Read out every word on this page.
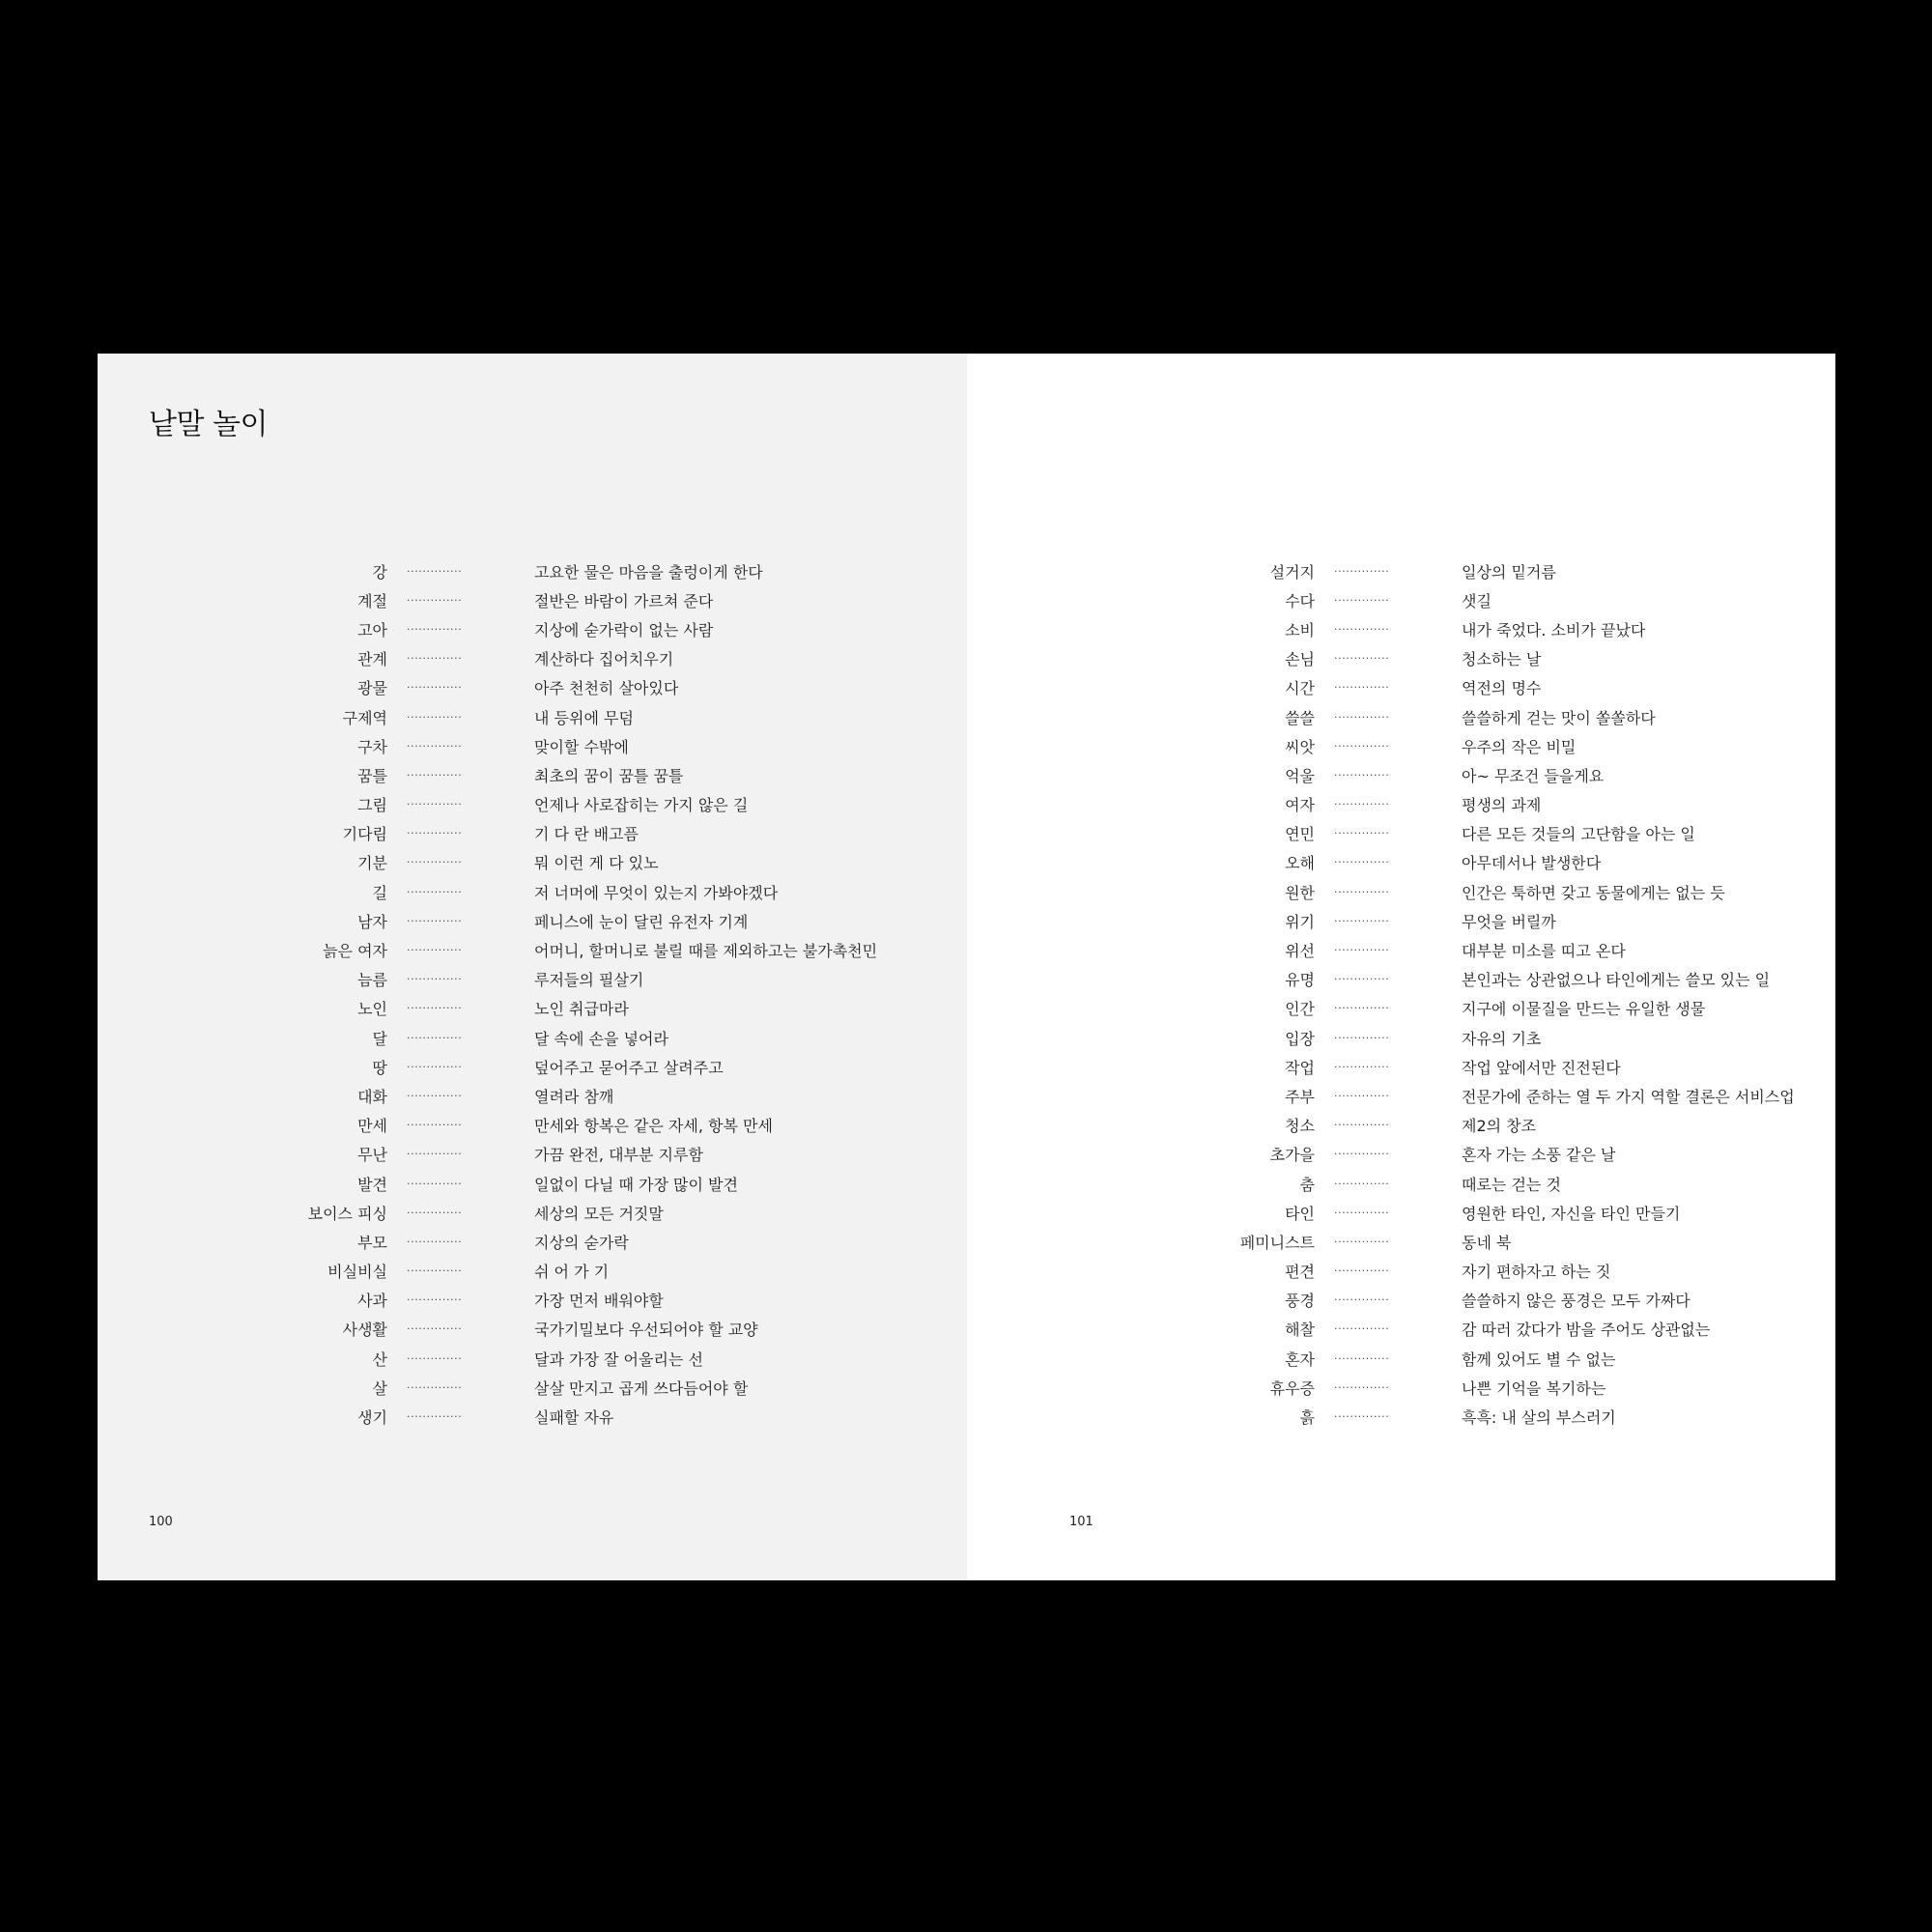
낱말 놀이
강 ··············	고요한 물은 마음을 출렁이게 한다
계절 ··············	절반은 바람이 가르쳐 준다
고아 ··············	지상에 숟가락이 없는 사람
관계 ··············	계산하다 집어치우기
광물 ··············	아주 천천히 살아있다
구제역 ··············	내 등위에 무덤
구차 ··············	맞이할 수밖에
꿈틀 ··············	최초의 꿈이 꿈틀 꿈틀
그림 ··············	언제나 사로잡히는 가지 않은 길
기다림 ··············	기 다 란 배고픔
기분 ··············	뭐 이런 게 다 있노
길 ··············	저 너머에 무엇이 있는지 가봐야겠다
남자 ··············	페니스에 눈이 달린 유전자 기계
늙은 여자 ··············	어머니, 할머니로 불릴 때를 제외하고는 불가촉천민
늠름 ··············	루저들의 필살기
노인 ··············	노인 취급마라
달 ··············	달 속에 손을 넣어라
땅 ··············	덮어주고 묻어주고 살려주고
대화 ··············	열려라 참깨
만세 ··············	만세와 항복은 같은 자세, 항복 만세
무난 ··············	가끔 완전, 대부분 지루함
발견 ··············	일없이 다닐 때 가장 많이 발견
보이스 피싱 ··············	세상의 모든 거짓말
부모 ··············	지상의 숟가락
비실비실 ··············	쉬 어 가 기
사과 ··············	가장 먼저 배워야할
사생활 ··············	국가기밀보다 우선되어야 할 교양
산 ··············	달과 가장 잘 어울리는 선
살 ··············	살살 만지고 곱게 쓰다듬어야 할
생기 ··············	실패할 자유
100
설거지 ··············	일상의 밑거름
수다 ··············	샛길
소비 ··············	내가 죽었다. 소비가 끝났다
손님 ··············	청소하는 날
시간 ··············	역전의 명수
쓸쓸 ··············	쓸쓸하게 걷는 맛이 쏠쏠하다
씨앗 ··············	우주의 작은 비밀
억울 ··············	아~ 무조건 들을게요
여자 ··············	평생의 과제
연민 ··············	다른 모든 것들의 고단함을 아는 일
오해 ··············	아무데서나 발생한다
원한 ··············	인간은 툭하면 갖고 동물에게는 없는 듯
위기 ··············	무엇을 버릴까
위선 ··············	대부분 미소를 띠고 온다
유명 ··············	본인과는 상관없으나 타인에게는 쓸모 있는 일
인간 ··············	지구에 이물질을 만드는 유일한 생물
입장 ··············	자유의 기초
작업 ··············	작업 앞에서만 진전된다
주부 ··············	전문가에 준하는 열 두 가지 역할 결론은 서비스업
청소 ··············	제2의 창조
초가을 ··············	혼자 가는 소풍 같은 날
춤 ··············	때로는 걷는 것
타인 ··············	영원한 타인, 자신을 타인 만들기
페미니스트 ··············	동네 북
편견 ··············	자기 편하자고 하는 짓
풍경 ··············	쓸쓸하지 않은 풍경은 모두 가짜다
해찰 ··············	감 따러 갔다가 밤을 주어도 상관없는
혼자 ··············	함께 있어도 별 수 없는
휴우증 ··············	나쁜 기억을 복기하는
흙 ··············	흑흑: 내 살의 부스러기
101
